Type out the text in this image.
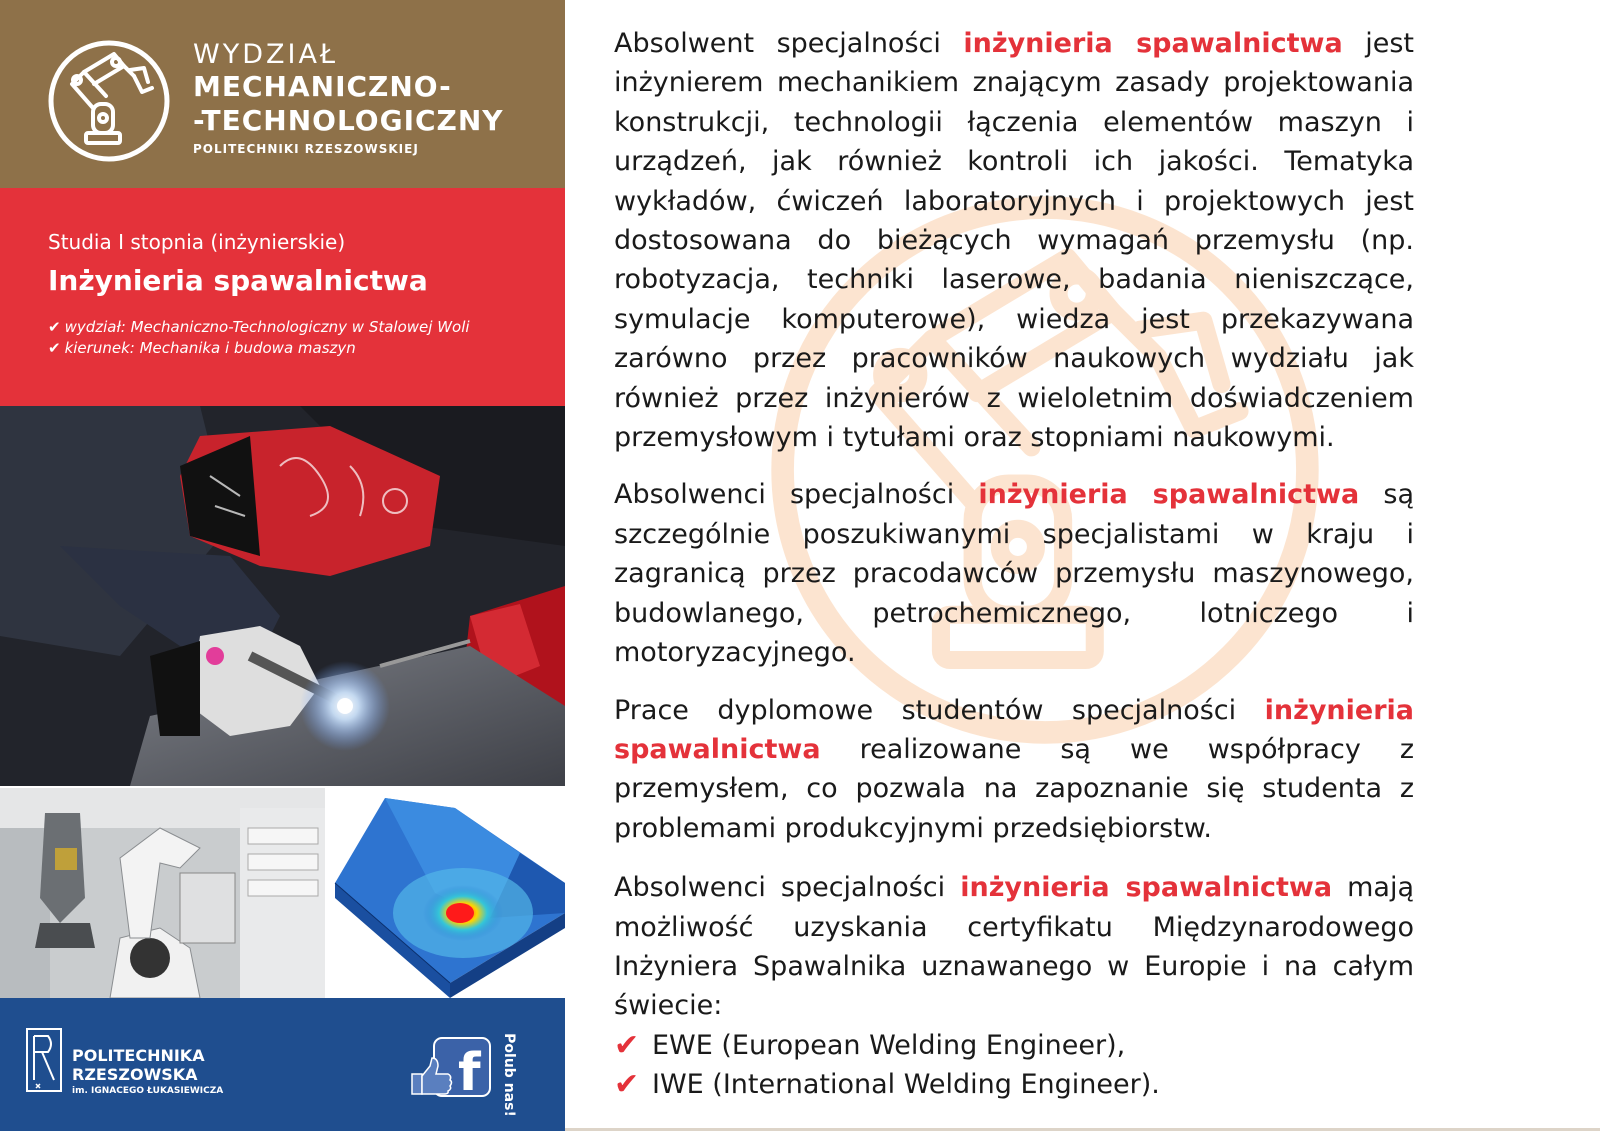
WYDZIAŁ
MECHANICZNO-
-TECHNOLOGICZNY
POLITECHNIKI RZESZOWSKIEJ
Studia I stopnia (inżynierskie)
Inżynieria spawalnictwa
✔ wydział: Mechaniczno-Technologiczny w Stalowej Woli
✔ kierunek: Mechanika i budowa maszyn
POLITECHNIKA
RZESZOWSKA
im. IGNACEGO ŁUKASIEWICZA	f Polub nas!

Absolwent specjalności inżynieria spawalnictwa jest inżynierem mechanikiem znającym zasady projektowania konstrukcji, technologii łączenia elementów maszyn i urządzeń, jak również kontroli ich jakości. Tematyka wykładów, ćwiczeń laboratoryjnych i projektowych jest dostosowana do bieżących wymagań przemysłu (np. robotyzacja, techniki laserowe, badania nieniszczące, symulacje komputerowe), wiedza jest przekazywana zarówno przez pracowników naukowych wydziału jak również przez inżynierów z wieloletnim doświadczeniem przemysłowym i tytułami oraz stopniami naukowymi.

Absolwenci specjalności inżynieria spawalnictwa są szczególnie poszukiwanymi specjalistami w kraju i zagranicą przez pracodawców przemysłu maszynowego, budowlanego, petrochemicznego, lotniczego i motoryzacyjnego.

Prace dyplomowe studentów specjalności inżynieria spawalnictwa realizowane są we współpracy z przemysłem, co pozwala na zapoznanie się studenta z problemami produkcyjnymi przedsiębiorstw.

Absolwenci specjalności inżynieria spawalnictwa mają możliwość uzyskania certyfikatu Międzynarodowego Inżyniera Spawalnika uznawanego w Europie i na całym świecie:

✔ EWE (European Welding Engineer),
✔ IWE (International Welding Engineer).
